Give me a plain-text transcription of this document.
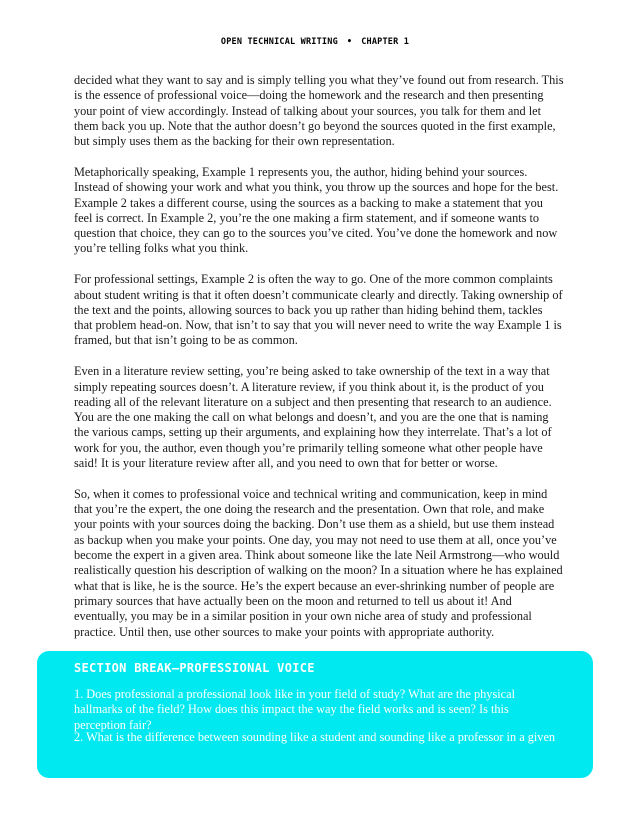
OPEN TECHNICAL WRITING • CHAPTER 1

decided what they want to say and is simply telling you what they’ve found out from research. This is the essence of professional voice—doing the homework and the research and then presenting your point of view accordingly. Instead of talking about your sources, you talk for them and let them back you up. Note that the author doesn’t go beyond the sources quoted in the first example, but simply uses them as the backing for their own representation.

Metaphorically speaking, Example 1 represents you, the author, hiding behind your sources. Instead of showing your work and what you think, you throw up the sources and hope for the best. Example 2 takes a different course, using the sources as a backing to make a statement that you feel is correct. In Example 2, you’re the one making a firm statement, and if someone wants to question that choice, they can go to the sources you’ve cited. You’ve done the homework and now you’re telling folks what you think.

For professional settings, Example 2 is often the way to go. One of the more common complaints about student writing is that it often doesn’t communicate clearly and directly. Taking ownership of the text and the points, allowing sources to back you up rather than hiding behind them, tackles that problem head-on. Now, that isn’t to say that you will never need to write the way Example 1 is framed, but that isn’t going to be as common.

Even in a literature review setting, you’re being asked to take ownership of the text in a way that simply repeating sources doesn’t. A literature review, if you think about it, is the product of you reading all of the relevant literature on a subject and then presenting that research to an audience. You are the one making the call on what belongs and doesn’t, and you are the one that is naming the various camps, setting up their arguments, and explaining how they interrelate. That’s a lot of work for you, the author, even though you’re primarily telling someone what other people have said! It is your literature review after all, and you need to own that for better or worse.

So, when it comes to professional voice and technical writing and communication, keep in mind that you’re the expert, the one doing the research and the presentation. Own that role, and make your points with your sources doing the backing. Don’t use them as a shield, but use them instead as backup when you make your points. One day, you may not need to use them at all, once you’ve become the expert in a given area. Think about someone like the late Neil Armstrong—who would realistically question his description of walking on the moon? In a situation where he has explained what that is like, he is the source. He’s the expert because an ever-shrinking number of people are primary sources that have actually been on the moon and returned to tell us about it! And eventually, you may be in a similar position in your own niche area of study and professional practice. Until then, use other sources to make your points with appropriate authority.

SECTION BREAK—PROFESSIONAL VOICE

1. Does professional a professional look like in your field of study? What are the physical hallmarks of the field? How does this impact the way the field works and is seen? Is this perception fair?

2. What is the difference between sounding like a student and sounding like a professor in a given
